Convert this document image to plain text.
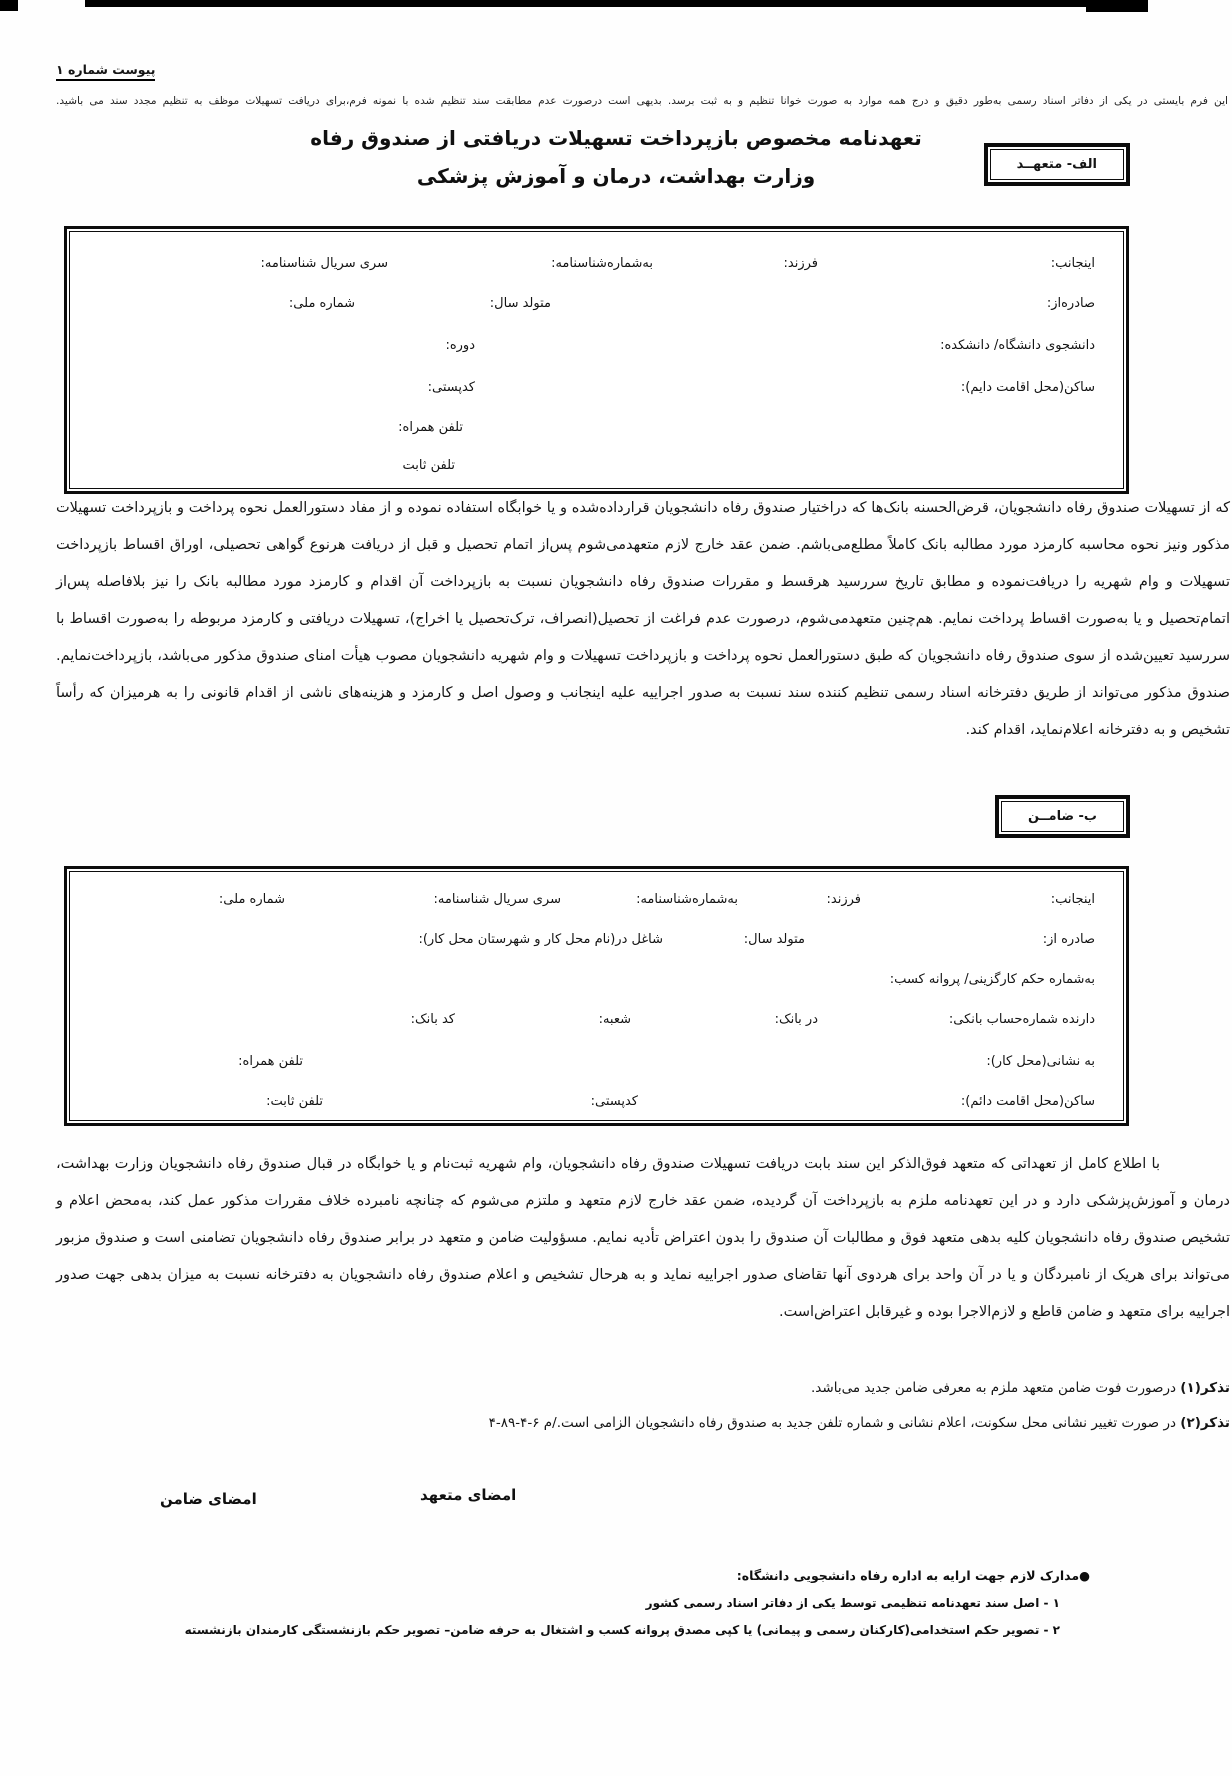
پیوست شماره ۱
این فرم بایستی در یکی از دفاتر اسناد رسمی به‌طور دقیق و درج همه موارد به صورت خوانا تنظیم و به ثبت برسد. بدیهی است درصورت عدم مطابقت سند تنظیم شده با نمونه فرم،برای دریافت تسهیلات موظف به تنظیم مجدد سند می باشید.
تعهدنامه مخصوص بازپرداخت تسهیلات دریافتی از صندوق رفاه
وزارت بهداشت، درمان و آموزش پزشکی	الف- متعهــد
اینجانب:
فرزند:
به‌شماره‌شناسنامه:
سری سریال شناسنامه:
صادره‌از:
متولد سال:
شماره ملی:
دانشجوی دانشگاه/ دانشکده:
دوره:
ساکن(محل اقامت دایم):
کدپستی:
تلفن همراه:
تلفن ثابت
که از تسهیلات صندوق رفاه دانشجویان، قرض‌الحسنه بانک‌ها که دراختیار صندوق رفاه دانشجویان قرارداده‌شده و یا خوابگاه استفاده نموده و از مفاد دستورالعمل نحوه پرداخت و بازپرداخت تسهیلات مذکور ونیز نحوه محاسبه کارمزد مورد مطالبه بانک کاملاً مطلع‌می‌باشم. ضمن عقد خارج لازم متعهدمی‌شوم پس‌از اتمام تحصیل و قبل از دریافت هرنوع گواهی تحصیلی، اوراق اقساط بازپرداخت تسهیلات و وام شهریه را دریافت‌نموده و مطابق تاریخ سررسید هرقسط و مقررات صندوق رفاه دانشجویان نسبت به بازپرداخت آن اقدام و کارمزد مورد مطالبه بانک را نیز بلافاصله پس‌از اتمام‌تحصیل و یا به‌صورت اقساط پرداخت نمایم. هم‌چنین متعهدمی‌شوم، درصورت عدم فراغت از تحصیل(انصراف، ترک‌تحصیل یا اخراج)، تسهیلات دریافتی و کارمزد مربوطه را به‌صورت اقساط با سررسید تعیین‌شده از سوی صندوق رفاه دانشجویان که طبق دستورالعمل نحوه پرداخت و بازپرداخت تسهیلات و وام شهریه دانشجویان مصوب هیأت امنای صندوق مذکور می‌باشد، بازپرداخت‌نمایم. صندوق مذکور می‌تواند از طریق دفترخانه اسناد رسمی تنظیم کننده سند نسبت به صدور اجراییه علیه اینجانب و وصول اصل و کارمزد و هزینه‌های ناشی از اقدام قانونی را به هرمیزان که رأساً تشخیص و به دفترخانه اعلام‌نماید، اقدام کند.
ب- ضامــن
اینجانب:
فرزند:
به‌شماره‌شناسنامه:
سری سریال شناسنامه:
شماره ملی:
صادره از:
متولد سال:
شاغل در(نام محل کار و شهرستان محل کار):
به‌شماره حکم کارگزینی/ پروانه کسب:
دارنده شماره‌حساب بانکی:
در بانک:
شعبه:
کد بانک:
به نشانی(محل کار):
تلفن همراه:
ساکن(محل اقامت دائم):
کدپستی:
تلفن ثابت:
با اطلاع کامل از تعهداتی که متعهد فوق‌الذکر این سند بابت دریافت تسهیلات صندوق رفاه دانشجویان، وام شهریه ثبت‌نام و یا خوابگاه در قبال صندوق رفاه دانشجویان وزارت بهداشت، درمان و آموزش‌پزشکی دارد و در این تعهدنامه ملزم به بازپرداخت آن گردیده، ضمن عقد خارج لازم متعهد و ملتزم می‌شوم که چنانچه نامبرده خلاف مقررات مذکور عمل کند، به‌محض اعلام و تشخیص صندوق رفاه دانشجویان کلیه بدهی متعهد فوق و مطالبات آن صندوق را بدون اعتراض تأدیه نمایم. مسؤولیت ضامن و متعهد در برابر صندوق رفاه دانشجویان تضامنی است و صندوق مزبور می‌تواند برای هریک از نامبردگان و یا در آن واحد برای هردوی آنها تقاضای صدور اجراییه نماید و به هرحال تشخیص و اعلام صندوق رفاه دانشجویان به دفترخانه نسبت به میزان بدهی جهت صدور اجراییه برای متعهد و ضامن قاطع و لازم‌الاجرا بوده و غیرقابل اعتراض‌است.
تذکر(۱) درصورت فوت ضامن متعهد ملزم به معرفی ضامن جدید می‌باشد.
تذکر(۲) در صورت تغییر نشانی محل سکونت، اعلام نشانی و شماره تلفن جدید به صندوق رفاه دانشجویان الزامی است./م ۶-۴-۸۹-۴
امضای متعهد
امضای ضامن
●مدارک لازم جهت ارایه به اداره رفاه دانشجویی دانشگاه:
۱ - اصل سند تعهدنامه تنظیمی توسط یکی از دفاتر اسناد رسمی کشور
۲ - تصویر حکم استخدامی(کارکنان رسمی و پیمانی) یا کپی مصدق پروانه کسب و اشتغال به حرفه ضامن– تصویر حکم بازنشستگی کارمندان بازنشسته
